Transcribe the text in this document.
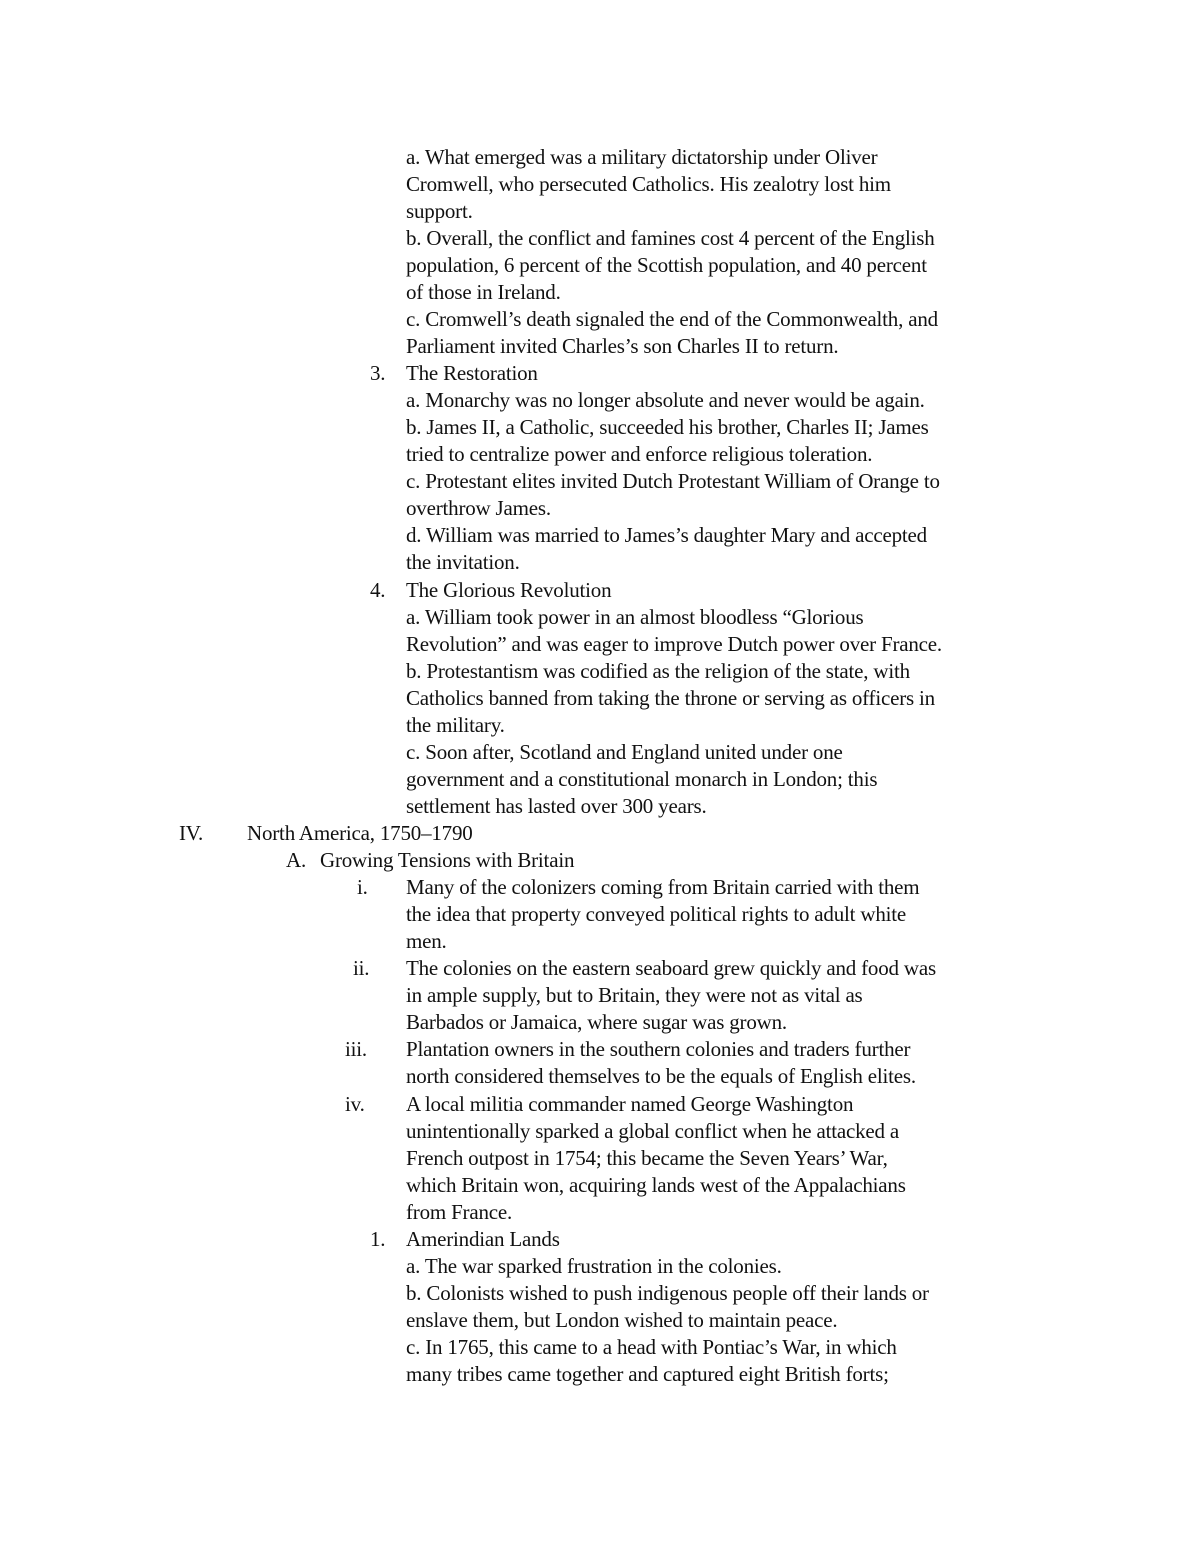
a. What emerged was a military dictatorship under Oliver
Cromwell, who persecuted Catholics. His zealotry lost him
support.
b. Overall, the conflict and famines cost 4 percent of the English
population, 6 percent of the Scottish population, and 40 percent
of those in Ireland.
c. Cromwell’s death signaled the end of the Commonwealth, and
Parliament invited Charles’s son Charles II to return.
3. The Restoration
a. Monarchy was no longer absolute and never would be again.
b. James II, a Catholic, succeeded his brother, Charles II; James
tried to centralize power and enforce religious toleration.
c. Protestant elites invited Dutch Protestant William of Orange to
overthrow James.
d. William was married to James’s daughter Mary and accepted
the invitation.
4. The Glorious Revolution
a. William took power in an almost bloodless “Glorious
Revolution” and was eager to improve Dutch power over France.
b. Protestantism was codified as the religion of the state, with
Catholics banned from taking the throne or serving as officers in
the military.
c. Soon after, Scotland and England united under one
government and a constitutional monarch in London; this
settlement has lasted over 300 years.
IV. North America, 1750–1790
A. Growing Tensions with Britain
i. Many of the colonizers coming from Britain carried with them
the idea that property conveyed political rights to adult white
men.
ii. The colonies on the eastern seaboard grew quickly and food was
in ample supply, but to Britain, they were not as vital as
Barbados or Jamaica, where sugar was grown.
iii. Plantation owners in the southern colonies and traders further
north considered themselves to be the equals of English elites.
iv. A local militia commander named George Washington
unintentionally sparked a global conflict when he attacked a
French outpost in 1754; this became the Seven Years’ War,
which Britain won, acquiring lands west of the Appalachians
from France.
1. Amerindian Lands
a. The war sparked frustration in the colonies.
b. Colonists wished to push indigenous people off their lands or
enslave them, but London wished to maintain peace.
c. In 1765, this came to a head with Pontiac’s War, in which
many tribes came together and captured eight British forts;
